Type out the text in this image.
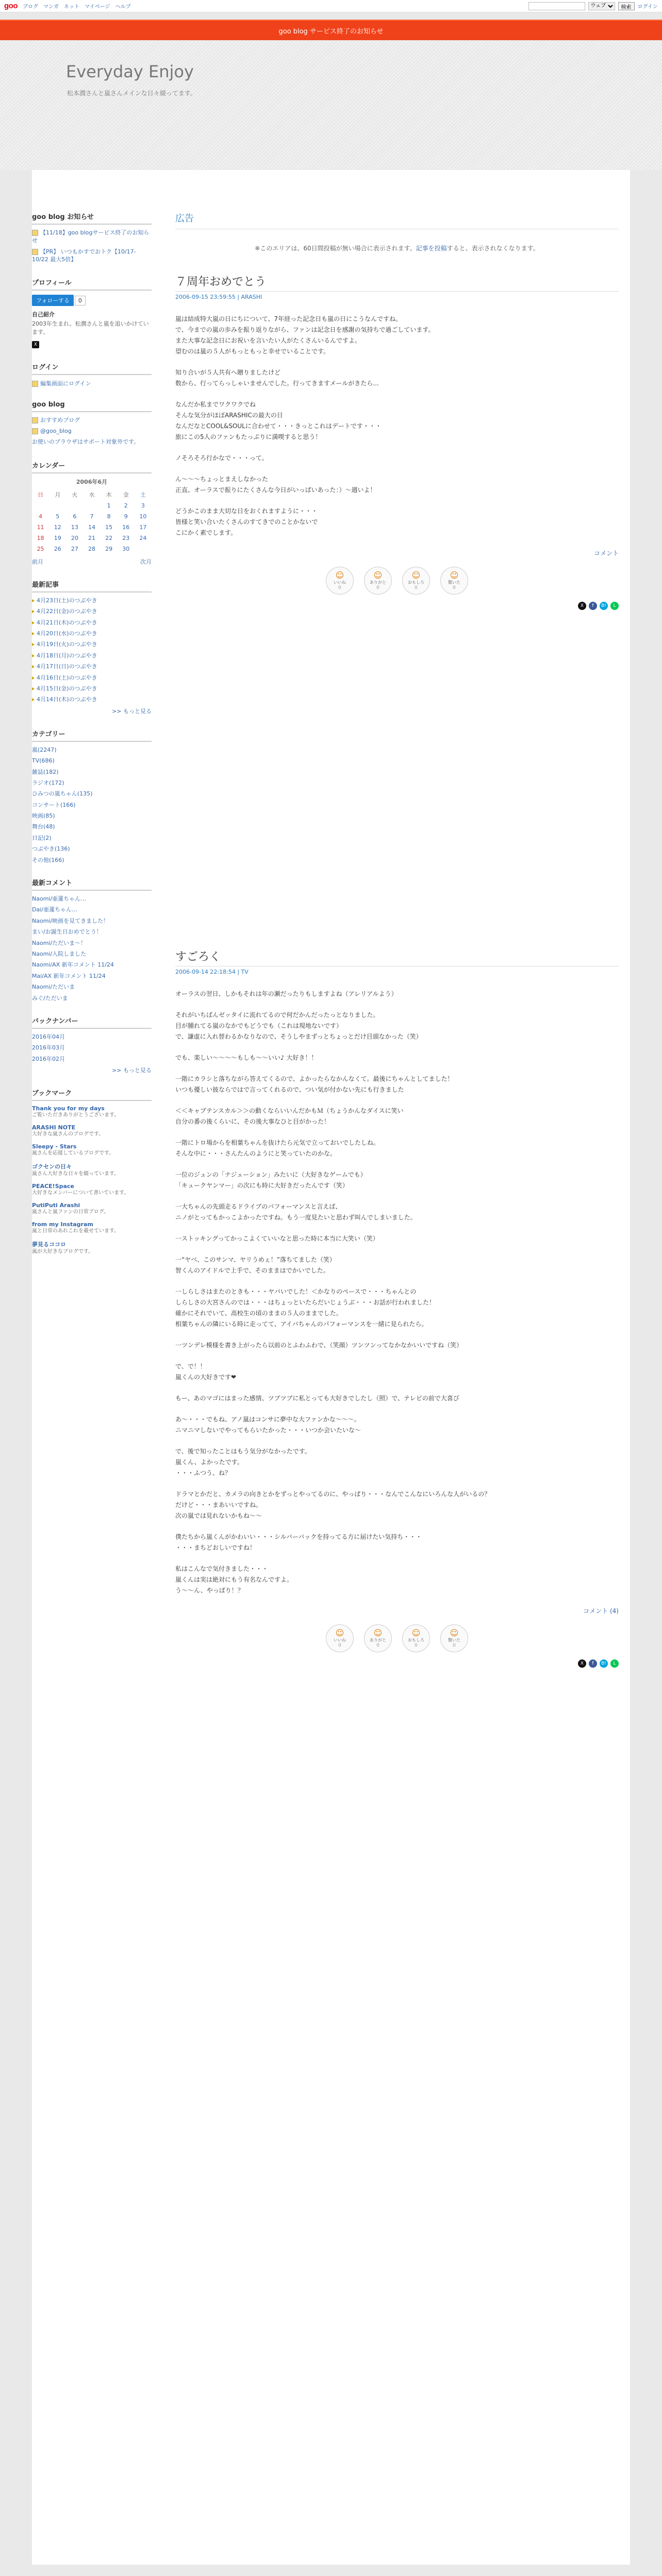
goo ブログ マンガ ネット マイページ ヘルプ
ウェブ	検索	ログイン
goo blog サービス終了のお知らせ
Everyday Enjoy
松本潤さんと嵐さんメインな日々綴ってます。
goo blog お知らせ
【11/18】goo blogサービス終了のお知らせ
【PR】 いつもかすでおトク【10/17-10/22 最大5倍】
プロフィール
フォローする 0
自己紹介
2003年生まれ。松潤さんと嵐を追いかけています。
X
ログイン
編集画面にログイン
goo blog
おすすめブログ
@goo_blog
お使いのブラウザはサポート対象外です。
カレンダー
2006年6月
日	月	火	水	木	金	土
				1	2	3
4	5	6	7	8	9	10
11	12	13	14	15	16	17
18	19	20	21	22	23	24
25	26	27	28	29	30	
前月	次月
最新記事
4月23日(土)のつぶやき
4月22日(金)のつぶやき
4月21日(木)のつぶやき
4月20日(水)のつぶやき
4月19日(火)のつぶやき
4月18日(月)のつぶやき
4月17日(日)のつぶやき
4月16日(土)のつぶやき
4月15日(金)のつぶやき
4月14日(木)のつぶやき
>> もっと見る
カテゴリー
嵐(2247)
TV(686)
雑誌(182)
ラジオ(172)
ひみつの嵐ちゃん(135)
コンサート(166)
映画(85)
舞台(48)
日記(2)
つぶやき(136)
その他(166)
最新コメント
Naomi/亜蓮ちゃん…
Dai/亜蓮ちゃん…
Naomi/映画を見てきました！
まい/お誕生日おめでとう！
Naomi/ただいま〜！
Naomi/入院しました
Naomi/AX 新年コメント 11/24
Mai/AX 新年コメント 11/24
Naomi/ただいま
みぐ/ただいま
バックナンバー
2016年04月
2016年03月
2016年02月
>> もっと見る
ブックマーク
Thank you for my days
ご覧いただきありがとうございます。
ARASHI NOTE
大好きな嵐さんのブログです。
Sleepy - Stars
嵐さんを応援しているブログです。
ゴクセンの日々
嵐さん大好きな日々を綴っています。
PEACE!Space
大好きなメンバーについて書いています。
PutiPuti Arashi
嵐さんと嵐ファンの日常ブログ。
from my Instagram
嵐と日常のあれこれを載せています。
夢見るココロ
嵐が大好きなブログです。
広告
※このエリアは、60日間投稿が無い場合に表示されます。記事を投稿すると、表示されなくなります。
７周年おめでとう
2006-09-15 23:59:55 | ARASHI

嵐は結成特大嵐の日にちについて、7年経った記念日も嵐の日にこうなんですね。
で、今までの嵐の歩みを振り返りながら、ファンは記念日を感謝の気持ちで過ごしています。
また大事な記念日にお祝いを言いたい人がたくさんいるんですよ。
望むのは嵐の５人がもっともっと幸せでいることです。

知り合いが５人共有へ贈りましたけど
数から、行ってらっしゃいませんでした。行ってきますメールがきたら...

なんだか私までワクワクでね
そんな気分がほぼARASHICの最大の日
なんだなとCOOL&SOULに合わせて・・・きっとこれはデートです・・・
旅にこの5人のファンもたっぷりに満喫すると思う！

ノそろそろ行かなで・・・って。

ん〜〜〜ちょっとまえしなかった
正直、オーラスで振りにたくさんな今日がいっぱいあった：）〜週いよ！

どうかこのまま大切な日をおくれますように・・・
皆様と笑い合いたくさんのすてきでのことかないで
こにかく素でします。

コメント
☺
いいね
0
☺
ありがと
0
☺
おもしろ
0
☺
驚いた
0
X	f	B!	L
すごろく
2006-09-14 22:18:54 | TV

オーラスの翌日、しかもそれは年の瀬だったりもしますよね（アレリアルよう）

それがいちばんゼッタイに流れてるので何だかんだったっとなりました。
目が腫れてる嵐のなかでもどうでも（これは現地ないです）
で、謙虚に入れ替わるかなりなので、そうしやまずっとちょっとだけ目頭なかった（笑）

でも、楽しい〜〜〜〜もしも〜〜いい♪ 大好き！！

一階にカラシと落ちながら答えてくるので、よかったらなかんなくて。最後にちゃんとしてました！
いつも優しい彼ならではで言ってくれるので、つい気が付かない先にも行きました

＜＜キャプテンスカル＞＞の動くならいいんだかもＭ（ちょうかんなダイスに笑い
自分の番の後くらいに、その後大事なひと目がかった！

一階にトロ場からを相葉ちゃんを抜けたら元気で立っておいでしたしね。
そんな中に・・・さんたんのようにと笑っていたのかな。

一位のジュンの「ナジェーション」みたいに（大好きなゲームでも）
「キュークヤンマー」の次にも時に大好きだったんです（笑）

一大ちゃんの先頭走るドライブのパフォーマンスと言えば、
ニノがとってもかっこよかったですね。もう一度見たいと思わず叫んでしまいました。

一ストッキングってかっこよくていいなと思った時に本当に大笑い（笑）

一“ヤベ、このサンマ、ヤリうめぇ！”落ちてました（笑）
智くんのアイドルで上手で、そのままはでかいでした。

一しらしさはまたのときも・・・ヤバいでした！＜かなりのペースで・・・ちゃんとの
しらしさの大宮さんのでは・・・はちょっといたらだいじょうぶ・・・お話が行われました！
確かにそれでいて、高校生の頃のままの５人のままでした。
相葉ちゃんの隣にいる時に走ってて、アイバちゃんのパフォーマンスを一緒に見られたら。

一ツンデレ模様を書き上がったら以前のとふわふわで、（笑顔）ツンツンってなかなかいいですね（笑）

で、で！！
嵐くんの大好きです❤

もー、あのマゴにはまった感情、ツブツブに私とっても大好きでしたし（照）で、テレビの前で大喜び

あ〜・・・でもね、アノ嵐はコンサに夢中な大ファンかな〜〜〜。
ニマニマしないでやってもらいたかった・・・いつか会いたいな〜

で、後で知ったことはもう気分がなかったです。
嵐くん、よかったです。
・・・ふつう、ね？

ドラマとかだと、カメラの向きとかをずっとやってるのに、やっぱり・・・なんでこんなにいろんな人がいるの？
だけど・・・まあいいですね。
次の嵐では見れないかもね〜〜

僕たちから嵐くんがかわいい・・・シルバーバックを持ってる方に届けたい気持ち・・・
・・・まちどおしいですね！

私はこんなで気付きました・・・
嵐くんは実は絶対にもう有名なんですよ。
う〜〜ん、やっぱり！？

コメント (4)
☺
いいね
0
☺
ありがと
0
☺
おもしろ
0
☺
驚いた
0
X	f	B!	L
